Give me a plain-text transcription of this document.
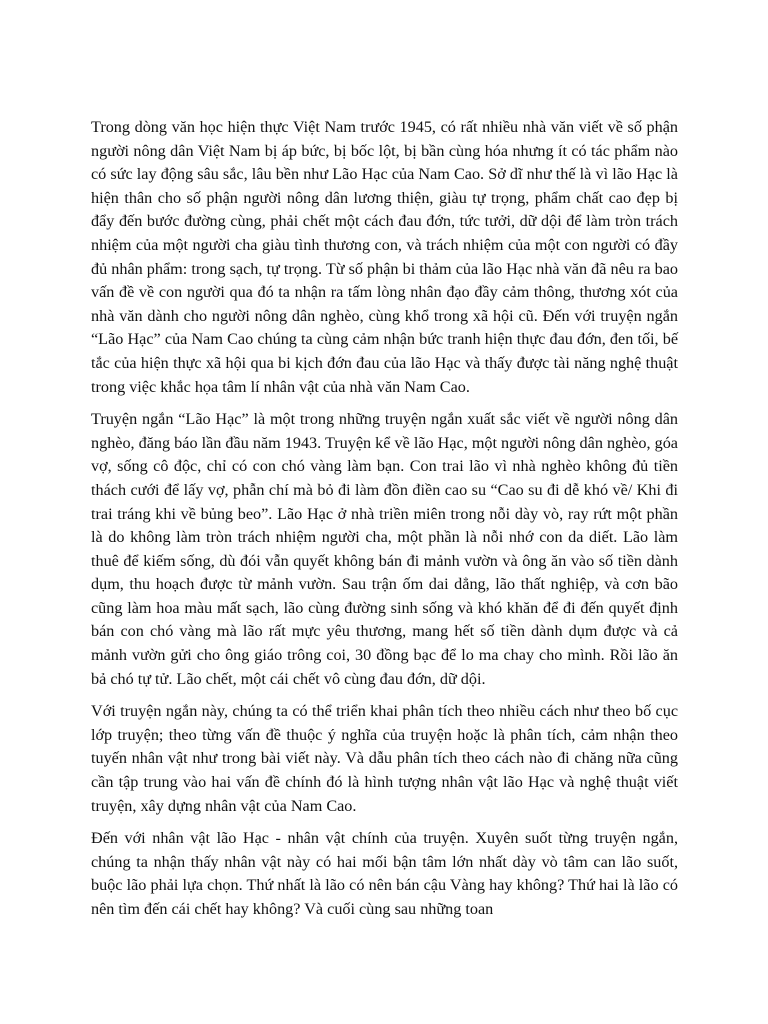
Trong dòng văn học hiện thực Việt Nam trước 1945, có rất nhiều nhà văn viết về số phận người nông dân Việt Nam bị áp bức, bị bốc lột, bị bần cùng hóa nhưng ít có tác phẩm nào có sức lay động sâu sắc, lâu bền như Lão Hạc của Nam Cao. Sở dĩ như thế là vì lão Hạc là hiện thân cho số phận người nông dân lương thiện, giàu tự trọng, phẩm chất cao đẹp bị đẩy đến bước đường cùng, phải chết một cách đau đớn, tức tưởi, dữ dội để làm tròn trách nhiệm của một người cha giàu tình thương con, và trách nhiệm của một con người có đầy đủ nhân phẩm: trong sạch, tự trọng. Từ số phận bi thảm của lão Hạc nhà văn đã nêu ra bao vấn đề về con người qua đó ta nhận ra tấm lòng nhân đạo đầy cảm thông, thương xót của nhà văn dành cho người nông dân nghèo, cùng khổ trong xã hội cũ. Đến với truyện ngắn “Lão Hạc” của Nam Cao chúng ta cùng cảm nhận bức tranh hiện thực đau đớn, đen tối, bế tắc của hiện thực xã hội qua bi kịch đớn đau của lão Hạc và thấy được tài năng nghệ thuật trong việc khắc họa tâm lí nhân vật của nhà văn Nam Cao.

Truyện ngắn “Lão Hạc” là một trong những truyện ngắn xuất sắc viết về người nông dân nghèo, đăng báo lần đầu năm 1943. Truyện kể về lão Hạc, một người nông dân nghèo, góa vợ, sống cô độc, chỉ có con chó vàng làm bạn. Con trai lão vì nhà nghèo không đủ tiền thách cưới để lấy vợ, phẫn chí mà bỏ đi làm đồn điền cao su “Cao su đi dễ khó về/ Khi đi trai tráng khi về bủng beo”. Lão Hạc ở nhà triền miên trong nỗi dày vò, ray rứt một phần là do không làm tròn trách nhiệm người cha, một phần là nỗi nhớ con da diết. Lão làm thuê để kiếm sống, dù đói vẫn quyết không bán đi mảnh vườn và ông ăn vào số tiền dành dụm, thu hoạch được từ mảnh vườn. Sau trận ốm dai dẳng, lão thất nghiệp, và cơn bão cũng làm hoa màu mất sạch, lão cùng đường sinh sống và khó khăn để đi đến quyết định bán con chó vàng mà lão rất mực yêu thương, mang hết số tiền dành dụm được và cả mảnh vườn gửi cho ông giáo trông coi, 30 đồng bạc để lo ma chay cho mình. Rồi lão ăn bả chó tự tử. Lão chết, một cái chết vô cùng đau đớn, dữ dội.

Với truyện ngắn này, chúng ta có thể triển khai phân tích theo nhiều cách như theo bố cục lớp truyện; theo từng vấn đề thuộc ý nghĩa của truyện hoặc là phân tích, cảm nhận theo tuyến nhân vật như trong bài viết này. Và dẫu phân tích theo cách nào đi chăng nữa cũng cần tập trung vào hai vấn đề chính đó là hình tượng nhân vật lão Hạc và nghệ thuật viết truyện, xây dựng nhân vật của Nam Cao.

Đến với nhân vật lão Hạc - nhân vật chính của truyện. Xuyên suốt từng truyện ngắn, chúng ta nhận thấy nhân vật này có hai mối bận tâm lớn nhất dày vò tâm can lão suốt, buộc lão phải lựa chọn. Thứ nhất là lão có nên bán cậu Vàng hay không? Thứ hai là lão có nên tìm đến cái chết hay không? Và cuối cùng sau những toan
